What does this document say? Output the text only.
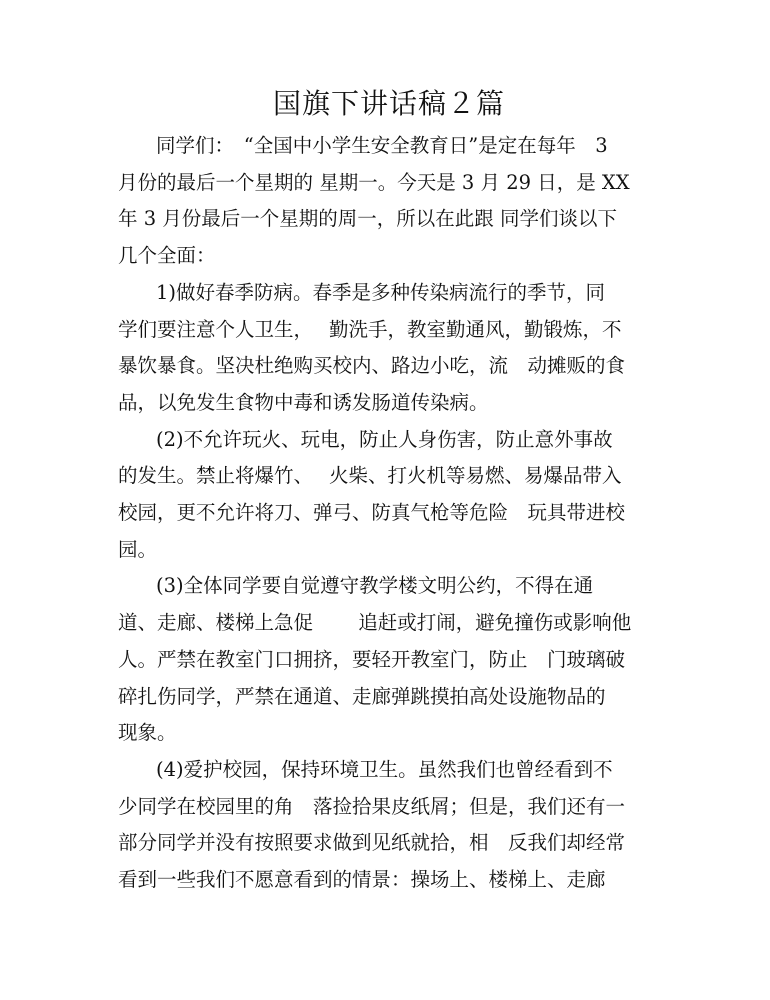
国旗下讲话稿２篇
同学们：　“全国中小学生安全教育日”是定在每年　3
月份的最后一个星期的 星期一。今天是 3 月 29 日，是 XX
年 3 月份最后一个星期的周一，所以在此跟 同学们谈以下
几个全面：
1)做好春季防病。春季是多种传染病流行的季节，同
学们要注意个人卫生，　 勤洗手，教室勤通风，勤锻炼，不
暴饮暴食。坚决杜绝购买校内、路边小吃，流　动摊贩的食
品，以免发生食物中毒和诱发肠道传染病。
(2)不允许玩火、玩电，防止人身伤害，防止意外事故
的发生。禁止将爆竹、　 火柴、打火机等易燃、易爆品带入
校园，更不允许将刀、弹弓、防真气枪等危险　玩具带进校
园。
(3)全体同学要自觉遵守教学楼文明公约，不得在通
道、走廊、楼梯上急促　　 追赶或打闹，避免撞伤或影响他
人。严禁在教室门口拥挤，要轻开教室门，防止　门玻璃破
碎扎伤同学，严禁在通道、走廊弹跳摸拍高处设施物品的
现象。
(4)爱护校园，保持环境卫生。虽然我们也曾经看到不
少同学在校园里的角　落捡拾果皮纸屑；但是，我们还有一
部分同学并没有按照要求做到见纸就拾，相　反我们却经常
看到一些我们不愿意看到的情景：操场上、楼梯上、走廊
